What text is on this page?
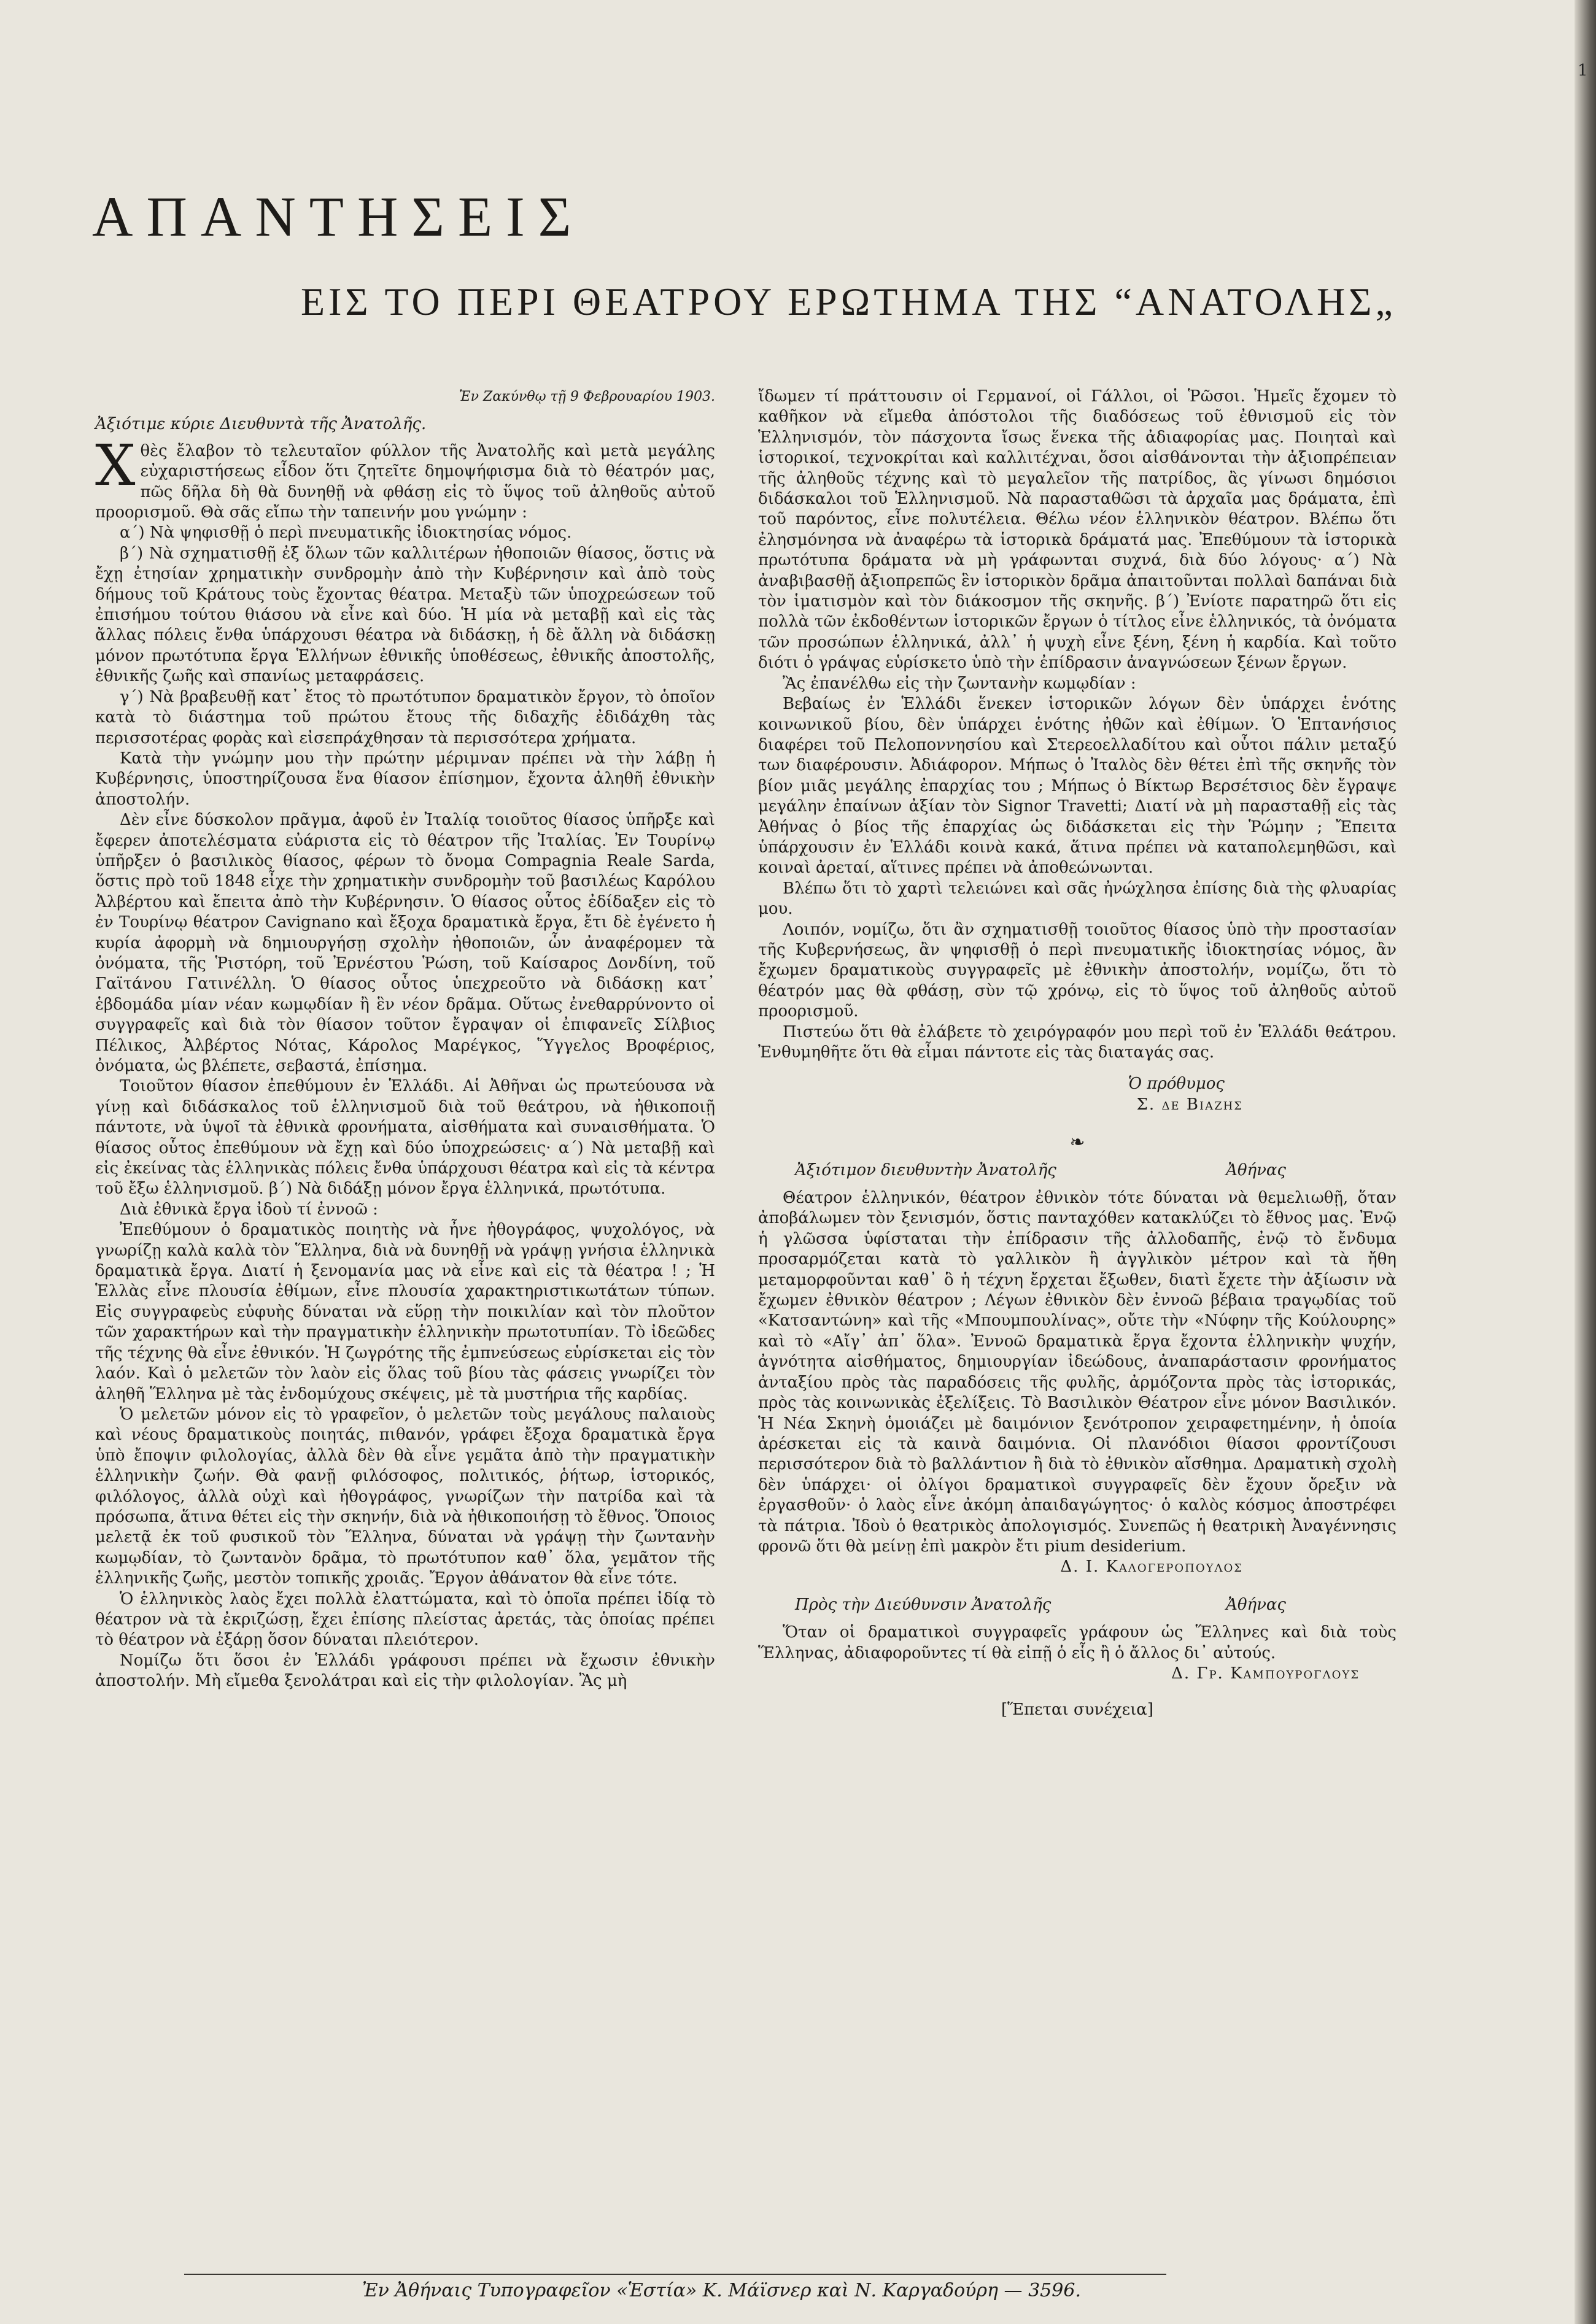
ΑΠΑΝΤΗΣΕΙΣ
ΕΙΣ ΤΟ ΠΕΡΙ ΘΕΑΤΡΟΥ ΕΡΩΤΗΜΑ ΤΗΣ “ΑΝΑΤΟΛΗΣ„

Ἐν Ζακύνθῳ τῇ 9 Φεβρουαρίου 1903.

Ἀξιότιμε κύριε Διευθυντὰ τῆς Ἀνατολῆς.

Χθὲς ἔλαβον τὸ τελευταῖον φύλλον τῆς Ἀνατολῆς καὶ μετὰ μεγάλης εὐχαριστήσεως εἶδον ὅτι ζητεῖτε δημοψήφισμα διὰ τὸ θέατρόν μας, πῶς δῆλα δὴ θὰ δυνηθῇ νὰ φθάσῃ εἰς τὸ ὕψος τοῦ ἀληθοῦς αὐτοῦ προορισμοῦ. Θὰ σᾶς εἴπω τὴν ταπεινήν μου γνώμην :

α΄) Νὰ ψηφισθῇ ὁ περὶ πνευματικῆς ἰδιοκτησίας νόμος.

β΄) Νὰ σχηματισθῇ ἐξ ὅλων τῶν καλλιτέρων ἠθοποιῶν θίασος, ὅστις νὰ ἔχῃ ἐτησίαν χρηματικὴν συνδρομὴν ἀπὸ τὴν Κυβέρνησιν καὶ ἀπὸ τοὺς δήμους τοῦ Κράτους τοὺς ἔχοντας θέατρα. Μεταξὺ τῶν ὑποχρεώσεων τοῦ ἐπισήμου τούτου θιάσου νὰ εἶνε καὶ δύο. Ἡ μία νὰ μεταβῇ καὶ εἰς τὰς ἄλλας πόλεις ἔνθα ὑπάρχουσι θέατρα νὰ διδάσκῃ, ἡ δὲ ἄλλη νὰ διδάσκῃ μόνον πρωτότυπα ἔργα Ἑλλήνων ἐθνικῆς ὑποθέσεως, ἐθνικῆς ἀποστολῆς, ἐθνικῆς ζωῆς καὶ σπανίως μεταφράσεις.

γ΄) Νὰ βραβευθῇ κατ᾽ ἔτος τὸ πρωτότυπον δραματικὸν ἔργον, τὸ ὁποῖον κατὰ τὸ διάστημα τοῦ πρώτου ἔτους τῆς διδαχῆς ἐδιδάχθη τὰς περισσοτέρας φορὰς καὶ εἰσεπράχθησαν τὰ περισσότερα χρήματα.

Κατὰ τὴν γνώμην μου τὴν πρώτην μέριμναν πρέπει νὰ τὴν λάβῃ ἡ Κυβέρνησις, ὑποστηρίζουσα ἕνα θίασον ἐπίσημον, ἔχοντα ἀληθῆ ἐθνικὴν ἀποστολήν.

Δὲν εἶνε δύσκολον πρᾶγμα, ἀφοῦ ἐν Ἰταλίᾳ τοιοῦτος θίασος ὑπῆρξε καὶ ἔφερεν ἀποτελέσματα εὐάριστα εἰς τὸ θέατρον τῆς Ἰταλίας. Ἐν Τουρίνῳ ὑπῆρξεν ὁ βασιλικὸς θίασος, φέρων τὸ ὄνομα Compagnia Reale Sarda, ὅστις πρὸ τοῦ 1848 εἶχε τὴν χρηματικὴν συνδρομὴν τοῦ βασιλέως Καρόλου Ἀλβέρτου καὶ ἔπειτα ἀπὸ τὴν Κυβέρνησιν. Ὁ θίασος οὗτος ἐδίδαξεν εἰς τὸ ἐν Τουρίνῳ θέατρον Cavignano καὶ ἔξοχα δραματικὰ ἔργα, ἔτι δὲ ἐγένετο ἡ κυρία ἀφορμὴ νὰ δημιουργήσῃ σχολὴν ἠθοποιῶν, ὧν ἀναφέρομεν τὰ ὀνόματα, τῆς Ῥιστόρη, τοῦ Ἐρνέστου Ῥώση, τοῦ Καίσαρος Δονδίνη, τοῦ Γαϊτάνου Γατινέλλη. Ὁ θίασος οὗτος ὑπεχρεοῦτο νὰ διδάσκῃ κατ᾽ ἑβδομάδα μίαν νέαν κωμῳδίαν ἢ ἓν νέον δρᾶμα. Οὕτως ἐνεθαρρύνοντο οἱ συγγραφεῖς καὶ διὰ τὸν θίασον τοῦτον ἔγραψαν οἱ ἐπιφανεῖς Σίλβιος Πέλικος, Ἀλβέρτος Νότας, Κάρολος Μαρέγκος, Ὕγγελος Βροφέριος, ὀνόματα, ὡς βλέπετε, σεβαστά, ἐπίσημα.

Τοιοῦτον θίασον ἐπεθύμουν ἐν Ἑλλάδι. Αἱ Ἀθῆναι ὡς πρωτεύουσα νὰ γίνῃ καὶ διδάσκαλος τοῦ ἑλληνισμοῦ διὰ τοῦ θεάτρου, νὰ ἠθικοποιῇ πάντοτε, νὰ ὑψοῖ τὰ ἐθνικὰ φρονήματα, αἰσθήματα καὶ συναισθήματα. Ὁ θίασος οὗτος ἐπεθύμουν νὰ ἔχῃ καὶ δύο ὑποχρεώσεις· α΄) Νὰ μεταβῇ καὶ εἰς ἐκείνας τὰς ἑλληνικὰς πόλεις ἔνθα ὑπάρχουσι θέατρα καὶ εἰς τὰ κέντρα τοῦ ἔξω ἑλληνισμοῦ. β΄) Νὰ διδάξῃ μόνον ἔργα ἑλληνικά, πρωτότυπα.

Διὰ ἐθνικὰ ἔργα ἰδοὺ τί ἐννοῶ :

Ἐπεθύμουν ὁ δραματικὸς ποιητὴς νὰ ἦνε ἠθογράφος, ψυχολόγος, νὰ γνωρίζῃ καλὰ καλὰ τὸν Ἕλληνα, διὰ νὰ δυνηθῇ νὰ γράψῃ γνήσια ἑλληνικὰ δραματικὰ ἔργα. Διατί ἡ ξενομανία μας νὰ εἶνε καὶ εἰς τὰ θέατρα ! ; Ἡ Ἑλλὰς εἶνε πλουσία ἐθίμων, εἶνε πλουσία χαρακτηριστικωτάτων τύπων. Εἰς συγγραφεὺς εὐφυὴς δύναται νὰ εὕρῃ τὴν ποικιλίαν καὶ τὸν πλοῦτον τῶν χαρακτήρων καὶ τὴν πραγματικὴν ἑλληνικὴν πρωτοτυπίαν. Τὸ ἰδεῶδες τῆς τέχνης θὰ εἶνε ἐθνικόν. Ἡ ζωγρότης τῆς ἐμπνεύσεως εὑρίσκεται εἰς τὸν λαόν. Καὶ ὁ μελετῶν τὸν λαὸν εἰς ὅλας τοῦ βίου τὰς φάσεις γνωρίζει τὸν ἀληθῆ Ἕλληνα μὲ τὰς ἐνδομύχους σκέψεις, μὲ τὰ μυστήρια τῆς καρδίας.

Ὁ μελετῶν μόνον εἰς τὸ γραφεῖον, ὁ μελετῶν τοὺς μεγάλους παλαιοὺς καὶ νέους δραματικοὺς ποιητάς, πιθανόν, γράφει ἔξοχα δραματικὰ ἔργα ὑπὸ ἔποψιν φιλολογίας, ἀλλὰ δὲν θὰ εἶνε γεμᾶτα ἀπὸ τὴν πραγματικὴν ἑλληνικὴν ζωήν. Θὰ φανῇ φιλόσοφος, πολιτικός, ῥήτωρ, ἱστορικός, φιλόλογος, ἀλλὰ οὐχὶ καὶ ἠθογράφος, γνωρίζων τὴν πατρίδα καὶ τὰ πρόσωπα, ἅτινα θέτει εἰς τὴν σκηνήν, διὰ νὰ ἠθικοποιήσῃ τὸ ἔθνος. Ὅποιος μελετᾷ ἐκ τοῦ φυσικοῦ τὸν Ἕλληνα, δύναται νὰ γράψῃ τὴν ζωντανὴν κωμῳδίαν, τὸ ζωντανὸν δρᾶμα, τὸ πρωτότυπον καθ᾽ ὅλα, γεμᾶτον τῆς ἑλληνικῆς ζωῆς, μεστὸν τοπικῆς χροιᾶς. Ἔργον ἀθάνατον θὰ εἶνε τότε.

Ὁ ἑλληνικὸς λαὸς ἔχει πολλὰ ἐλαττώματα, καὶ τὸ ὁποῖα πρέπει ἰδίᾳ τὸ θέατρον νὰ τὰ ἐκριζώσῃ, ἔχει ἐπίσης πλείστας ἀρετάς, τὰς ὁποίας πρέπει τὸ θέατρον νὰ ἐξάρῃ ὅσον δύναται πλειότερον.

Νομίζω ὅτι ὅσοι ἐν Ἑλλάδι γράφουσι πρέπει νὰ ἔχωσιν ἐθνικὴν ἀποστολήν. Μὴ εἴμεθα ξενολάτραι καὶ εἰς τὴν φιλολογίαν. Ἂς μὴ

ἴδωμεν τί πράττουσιν οἱ Γερμανοί, οἱ Γάλλοι, οἱ Ῥῶσοι. Ἡμεῖς ἔχομεν τὸ καθῆκον νὰ εἴμεθα ἀπόστολοι τῆς διαδόσεως τοῦ ἐθνισμοῦ εἰς τὸν Ἑλληνισμόν, τὸν πάσχοντα ἴσως ἕνεκα τῆς ἀδιαφορίας μας. Ποιηταὶ καὶ ἱστορικοί, τεχνοκρίται καὶ καλλιτέχναι, ὅσοι αἰσθάνονται τὴν ἀξιοπρέπειαν τῆς ἀληθοῦς τέχνης καὶ τὸ μεγαλεῖον τῆς πατρίδος, ἂς γίνωσι δημόσιοι διδάσκαλοι τοῦ Ἑλληνισμοῦ. Νὰ παρασταθῶσι τὰ ἀρχαῖα μας δράματα, ἐπὶ τοῦ παρόντος, εἶνε πολυτέλεια. Θέλω νέον ἑλληνικὸν θέατρον. Βλέπω ὅτι ἐλησμόνησα νὰ ἀναφέρω τὰ ἱστορικὰ δράματά μας. Ἐπεθύμουν τὰ ἱστορικὰ πρωτότυπα δράματα νὰ μὴ γράφωνται συχνά, διὰ δύο λόγους· α΄) Νὰ ἀναβιβασθῇ ἀξιοπρεπῶς ἓν ἱστορικὸν δρᾶμα ἀπαιτοῦνται πολλαὶ δαπάναι διὰ τὸν ἱματισμὸν καὶ τὸν διάκοσμον τῆς σκηνῆς. β΄) Ἐνίοτε παρατηρῶ ὅτι εἰς πολλὰ τῶν ἐκδοθέντων ἱστορικῶν ἔργων ὁ τίτλος εἶνε ἑλληνικός, τὰ ὀνόματα τῶν προσώπων ἑλληνικά, ἀλλ᾽ ἡ ψυχὴ εἶνε ξένη, ξένη ἡ καρδία. Καὶ τοῦτο διότι ὁ γράψας εὑρίσκετο ὑπὸ τὴν ἐπίδρασιν ἀναγνώσεων ξένων ἔργων.

Ἂς ἐπανέλθω εἰς τὴν ζωντανὴν κωμῳδίαν :

Βεβαίως ἐν Ἑλλάδι ἕνεκεν ἱστορικῶν λόγων δὲν ὑπάρχει ἑνότης κοινωνικοῦ βίου, δὲν ὑπάρχει ἑνότης ἠθῶν καὶ ἐθίμων. Ὁ Ἑπτανήσιος διαφέρει τοῦ Πελοποννησίου καὶ Στερεοελλαδίτου καὶ οὗτοι πάλιν μεταξύ των διαφέρουσιν. Ἀδιάφορον. Μήπως ὁ Ἰταλὸς δὲν θέτει ἐπὶ τῆς σκηνῆς τὸν βίον μιᾶς μεγάλης ἐπαρχίας του ; Μήπως ὁ Βίκτωρ Βερσέτσιος δὲν ἔγραψε μεγάλην ἐπαίνων ἀξίαν τὸν Signor Travetti; Διατί νὰ μὴ παρασταθῇ εἰς τὰς Ἀθήνας ὁ βίος τῆς ἐπαρχίας ὡς διδάσκεται εἰς τὴν Ῥώμην ; Ἔπειτα ὑπάρχουσιν ἐν Ἑλλάδι κοινὰ κακά, ἅτινα πρέπει νὰ καταπολεμηθῶσι, καὶ κοιναὶ ἀρεταί, αἵτινες πρέπει νὰ ἀποθεώνωνται.

Βλέπω ὅτι τὸ χαρτὶ τελειώνει καὶ σᾶς ἠνώχλησα ἐπίσης διὰ τὴς φλυαρίας μου.

Λοιπόν, νομίζω, ὅτι ἂν σχηματισθῇ τοιοῦτος θίασος ὑπὸ τὴν προστασίαν τῆς Κυβερνήσεως, ἂν ψηφισθῇ ὁ περὶ πνευματικῆς ἰδιοκτησίας νόμος, ἂν ἔχωμεν δραματικοὺς συγγραφεῖς μὲ ἐθνικὴν ἀποστολήν, νομίζω, ὅτι τὸ θέατρόν μας θὰ φθάσῃ, σὺν τῷ χρόνῳ, εἰς τὸ ὕψος τοῦ ἀληθοῦς αὐτοῦ προορισμοῦ.

Πιστεύω ὅτι θὰ ἐλάβετε τὸ χειρόγραφόν μου περὶ τοῦ ἐν Ἑλλάδι θεάτρου. Ἐνθυμηθῆτε ὅτι θὰ εἶμαι πάντοτε εἰς τὰς διαταγάς σας.

Ὁ πρόθυμος

Σ. δε Βιαζης

❧

Ἀξιότιμον διευθυντὴν Ἀνατολῆς	Ἀθήνας

Θέατρον ἑλληνικόν, θέατρον ἐθνικὸν τότε δύναται νὰ θεμελιωθῇ, ὅταν ἀποβάλωμεν τὸν ξενισμόν, ὅστις πανταχόθεν κατακλύζει τὸ ἔθνος μας. Ἐνῷ ἡ γλῶσσα ὑφίσταται τὴν ἐπίδρασιν τῆς ἀλλοδαπῆς, ἐνῷ τὸ ἔνδυμα προσαρμόζεται κατὰ τὸ γαλλικὸν ἢ ἀγγλικὸν μέτρον καὶ τὰ ἤθη μεταμορφοῦνται καθ᾽ ὃ ἡ τέχνη ἔρχεται ἔξωθεν, διατὶ ἔχετε τὴν ἀξίωσιν νὰ ἔχωμεν ἐθνικὸν θέατρον ; Λέγων ἐθνικὸν δὲν ἐννοῶ βέβαια τραγῳδίας τοῦ «Κατσαντώνη» καὶ τῆς «Μπουμπουλίνας», οὔτε τὴν «Νύφην τῆς Κούλουρης» καὶ τὸ «Αἴγ᾽ ἀπ᾽ ὅλα». Ἐννοῶ δραματικὰ ἔργα ἔχοντα ἑλληνικὴν ψυχήν, ἀγνότητα αἰσθήματος, δημιουργίαν ἰδεώδους, ἀναπαράστασιν φρονήματος ἀνταξίου πρὸς τὰς παραδόσεις τῆς φυλῆς, ἀρμόζοντα πρὸς τὰς ἱστορικάς, πρὸς τὰς κοινωνικὰς ἐξελίξεις. Τὸ Βασιλικὸν Θέατρον εἶνε μόνον Βασιλικόν. Ἡ Νέα Σκηνὴ ὁμοιάζει μὲ δαιμόνιον ξενότροπον χειραφετημένην, ἡ ὁποία ἀρέσκεται εἰς τὰ καινὰ δαιμόνια. Οἱ πλανόδιοι θίασοι φροντίζουσι περισσότερον διὰ τὸ βαλλάντιον ἢ διὰ τὸ ἐθνικὸν αἴσθημα. Δραματικὴ σχολὴ δὲν ὑπάρχει· οἱ ὀλίγοι δραματικοὶ συγγραφεῖς δὲν ἔχουν ὄρεξιν νὰ ἐργασθοῦν· ὁ λαὸς εἶνε ἀκόμη ἀπαιδαγώγητος· ὁ καλὸς κόσμος ἀποστρέφει τὰ πάτρια. Ἰδοὺ ὁ θεατρικὸς ἀπολογισμός. Συνεπῶς ἡ θεατρικὴ Ἀναγέννησις φρονῶ ὅτι θὰ μείνῃ ἐπὶ μακρὸν ἔτι pium desiderium.

Δ. Ι. Καλογεροπουλος

Πρὸς τὴν Διεύθυνσιν Ἀνατολῆς	Ἀθήνας

Ὅταν οἱ δραματικοὶ συγγραφεῖς γράφουν ὡς Ἕλληνες καὶ διὰ τοὺς Ἕλληνας, ἀδιαφοροῦντες τί θὰ εἰπῇ ὁ εἷς ἢ ὁ ἄλλος δι᾽ αὐτούς.

Δ. Γρ. Καμπουρογλους

[Ἕπεται συνέχεια]

Ἐν Ἀθήναις Τυπογραφεῖον «Ἑστία» Κ. Μάϊσνερ καὶ Ν. Καργαδούρη — 3596.
1
